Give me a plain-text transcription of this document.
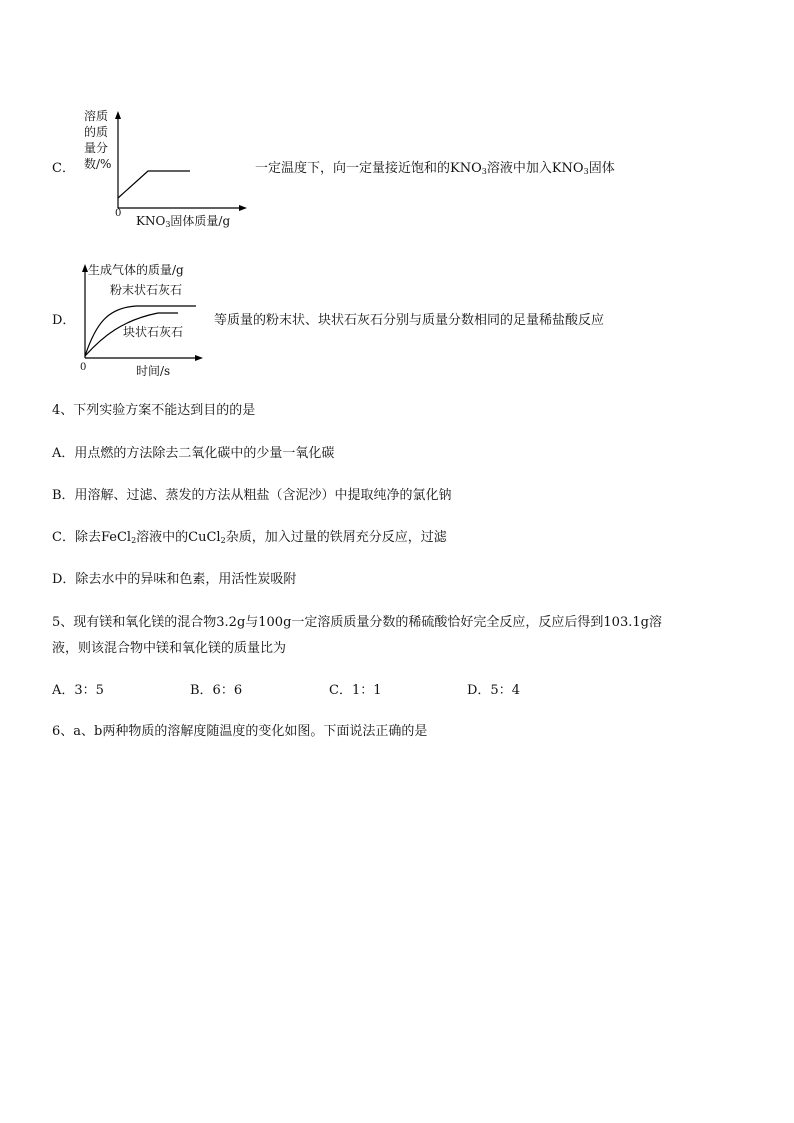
C．
溶质
的质
量分
数/%
0
$KNO_3$固体质量/g
一定温度下，向一定量接近饱和的$KNO_3$溶液中加入$KNO_3$固体
D．
生成气体的质量/g
粉末状石灰石
块状石灰石
0	时间/s
等质量的粉末状、块状石灰石分别与质量分数相同的足量稀盐酸反应
4、下列实验方案不能达到目的的是
A．用点燃的方法除去二氧化碳中的少量一氧化碳
B．用溶解、过滤、蒸发的方法从粗盐（含泥沙）中提取纯净的氯化钠
C．除去FeCl$_2$溶液中的CuCl$_2$杂质，加入过量的铁屑充分反应，过滤
D．除去水中的异味和色素，用活性炭吸附
5、现有镁和氧化镁的混合物3.2g与100g一定溶质质量分数的稀硫酸恰好完全反应，反应后得到103.1g溶
液，则该混合物中镁和氧化镁的质量比为
A．3：5	B．6：6	C．1：1	D．5：4
6、a、b两种物质的溶解度随温度的变化如图。下面说法正确的是
